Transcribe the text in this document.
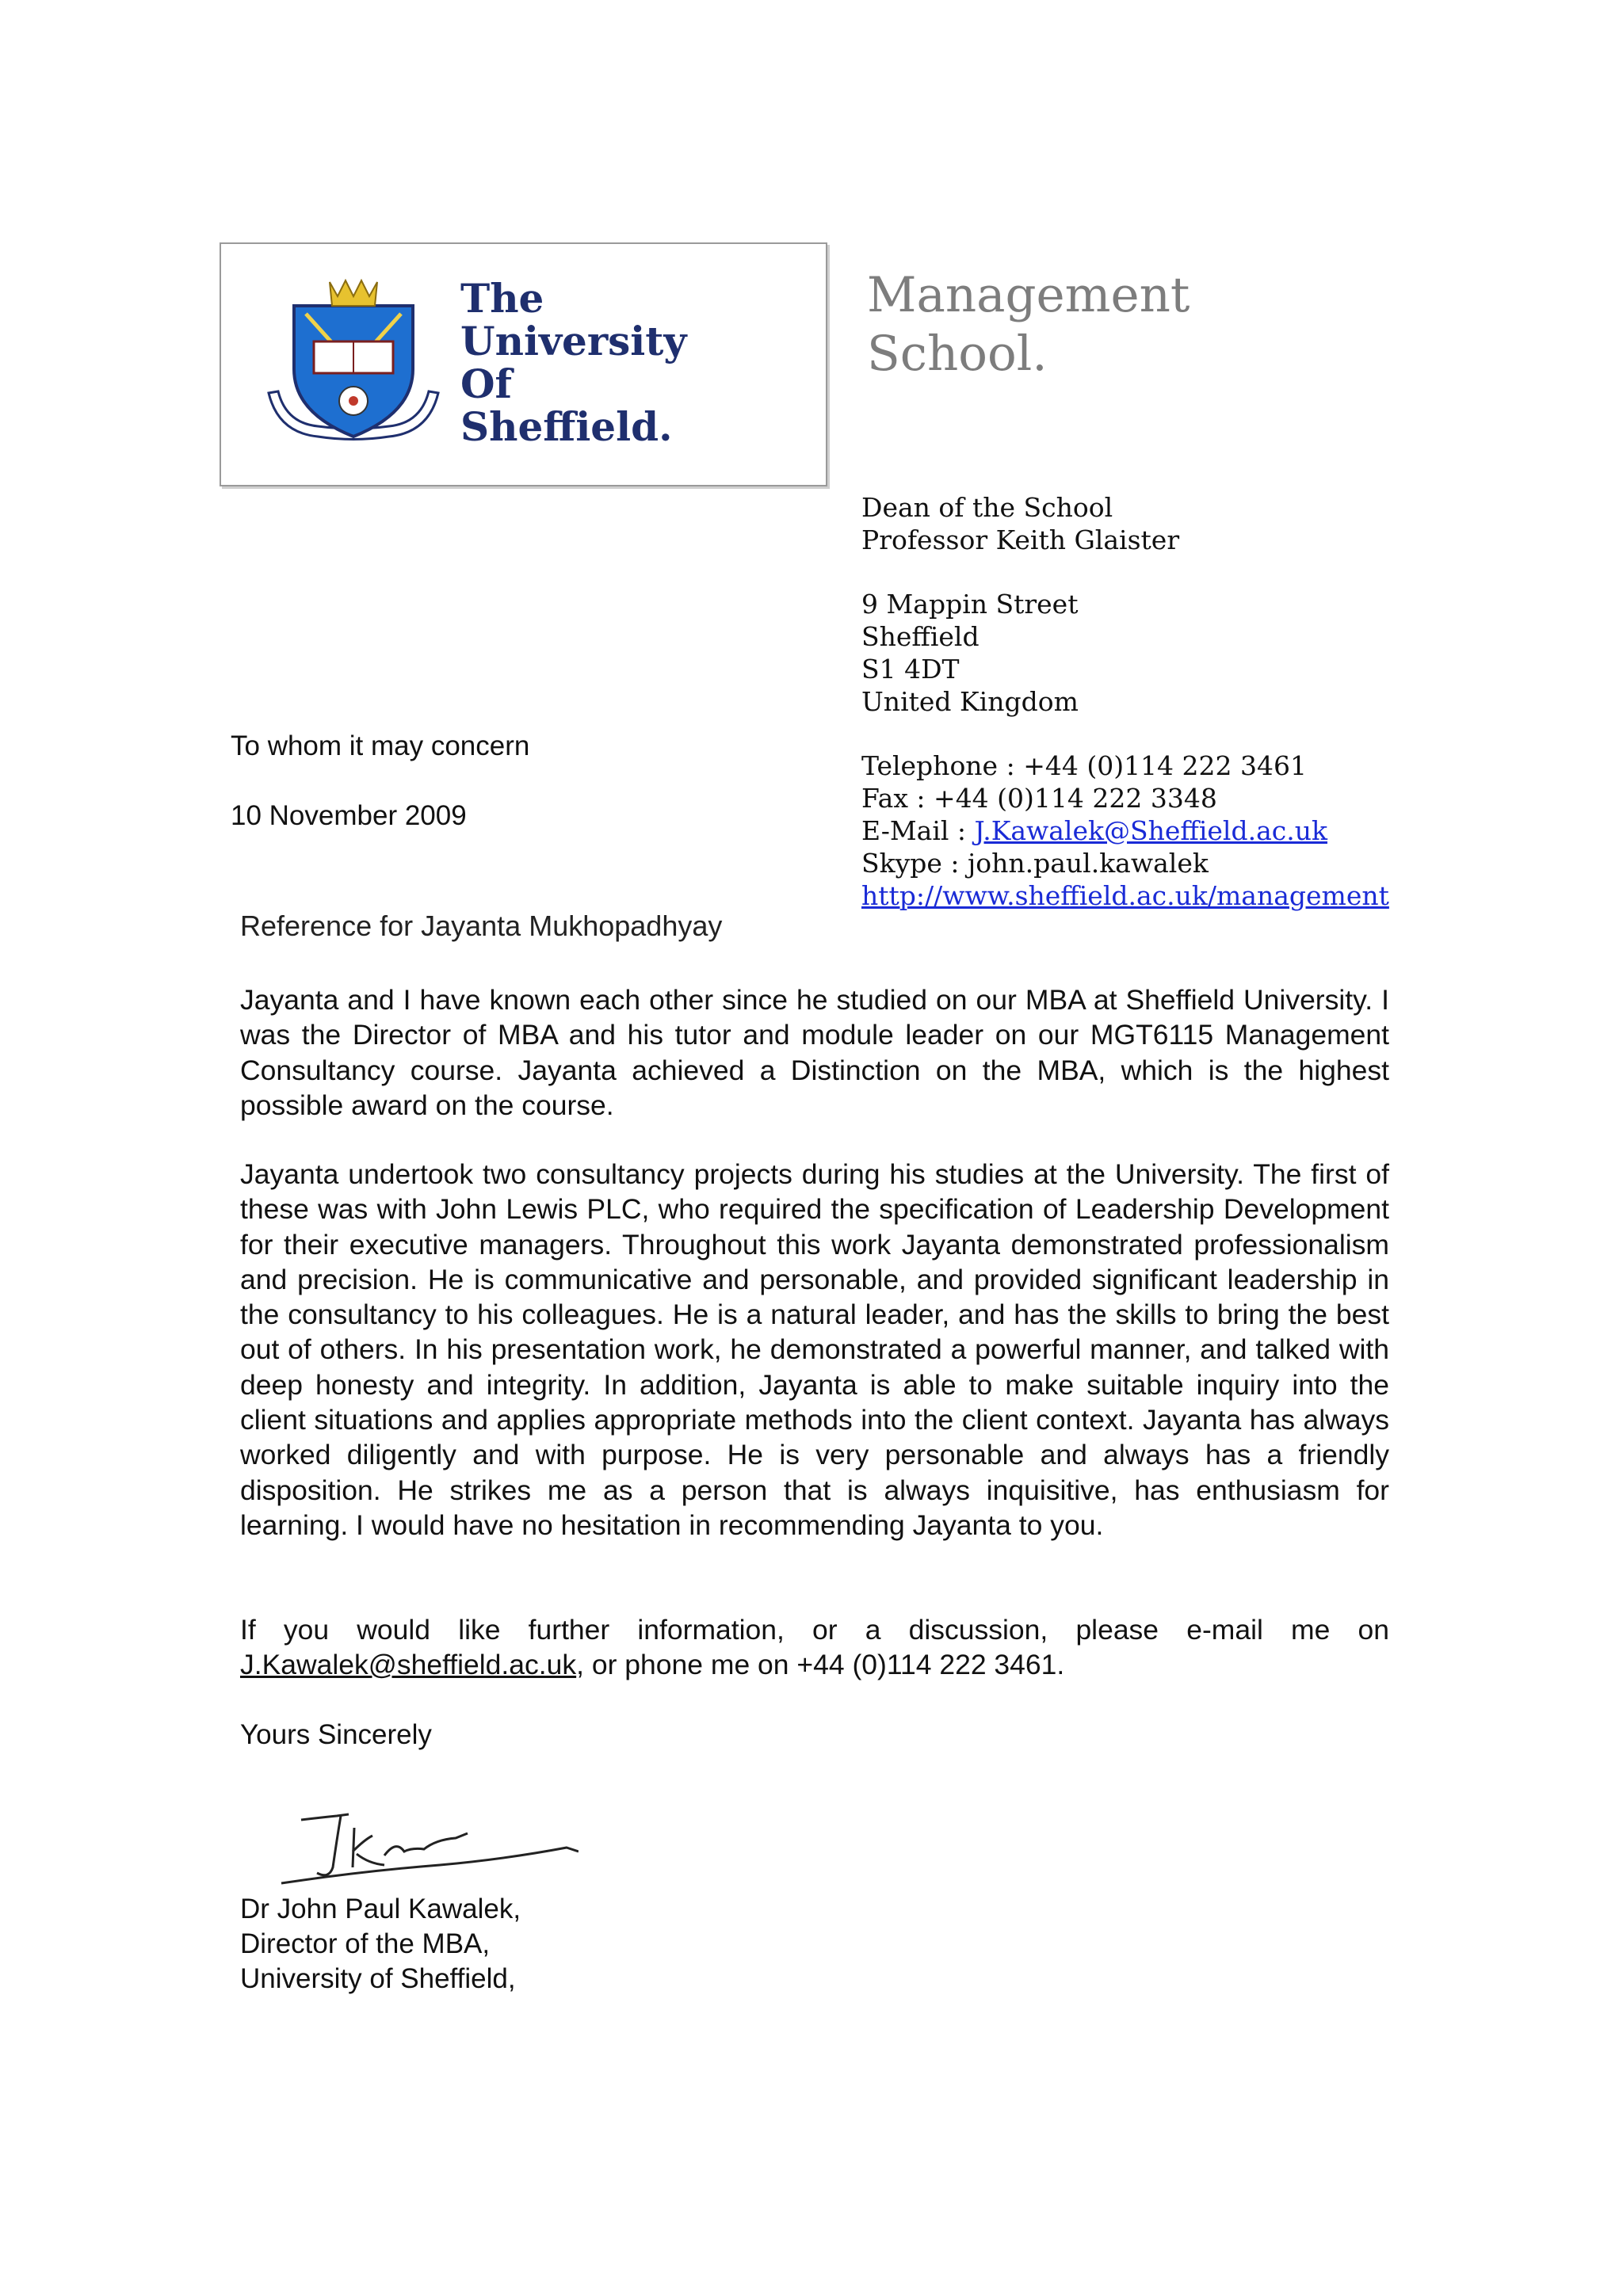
The
University
Of
Sheffield.
Management
School.
Dean of the School
Professor Keith Glaister
9 Mappin Street
Sheffield
S1 4DT
United Kingdom
Telephone : +44 (0)114 222 3461
Fax : +44 (0)114 222 3348
E-Mail : J.Kawalek@Sheffield.ac.uk
Skype : john.paul.kawalek
http://www.sheffield.ac.uk/management
To whom it may concern
10 November 2009
Reference for Jayanta Mukhopadhyay

Jayanta and I have known each other since he studied on our MBA at Sheffield University. I was the Director of MBA and his tutor and module leader on our MGT6115 Management Consultancy course. Jayanta achieved a Distinction on the MBA, which is the highest possible award on the course.

Jayanta undertook two consultancy projects during his studies at the University. The first of these was with John Lewis PLC, who required the specification of Leadership Development for their executive managers. Throughout this work Jayanta demonstrated professionalism and precision. He is communicative and personable, and provided significant leadership in the consultancy to his colleagues. He is a natural leader, and has the skills to bring the best out of others. In his presentation work, he demonstrated a powerful manner, and talked with deep honesty and integrity. In addition, Jayanta is able to make suitable inquiry into the client situations and applies appropriate methods into the client context. Jayanta has always worked diligently and with purpose. He is very personable and always has a friendly disposition. He strikes me as a person that is always inquisitive, has enthusiasm for learning. I would have no hesitation in recommending Jayanta to you.

If you would like further information, or a discussion, please e-mail me on J.Kawalek@sheffield.ac.uk, or phone me on +44 (0)114 222 3461.

Yours Sincerely
Dr John Paul Kawalek,
Director of the MBA,
University of Sheffield,
